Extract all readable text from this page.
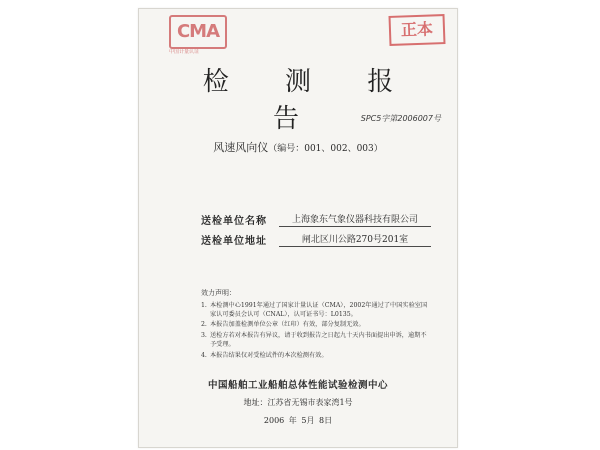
CMA
中国计量认证
正本
检 测 报 告	SPC5字第2006007号
风速风向仪（编号：001、002、003）
送检单位名称	上海象东气象仪器科技有限公司
送检单位地址	闸北区川公路270号201室
效力声明：
1. 本检测中心1991年通过了国家计量认证（CMA），2002年通过了中国实验室国家认可委员会认可（CNAL），认可证书号：L0135。
2. 本报告加盖检测单位公章（红印）有效，部分复制无效。
3. 送检方若对本报告有异议，请于收到报告之日起九十天内书面提出申诉，逾期不予受理。
4. 本报告结果仅对受检试件的本次检测有效。
中国船舶工业船舶总体性能试验检测中心
地址：江苏省无锡市表家湾1号
2006 年 5月 8日
